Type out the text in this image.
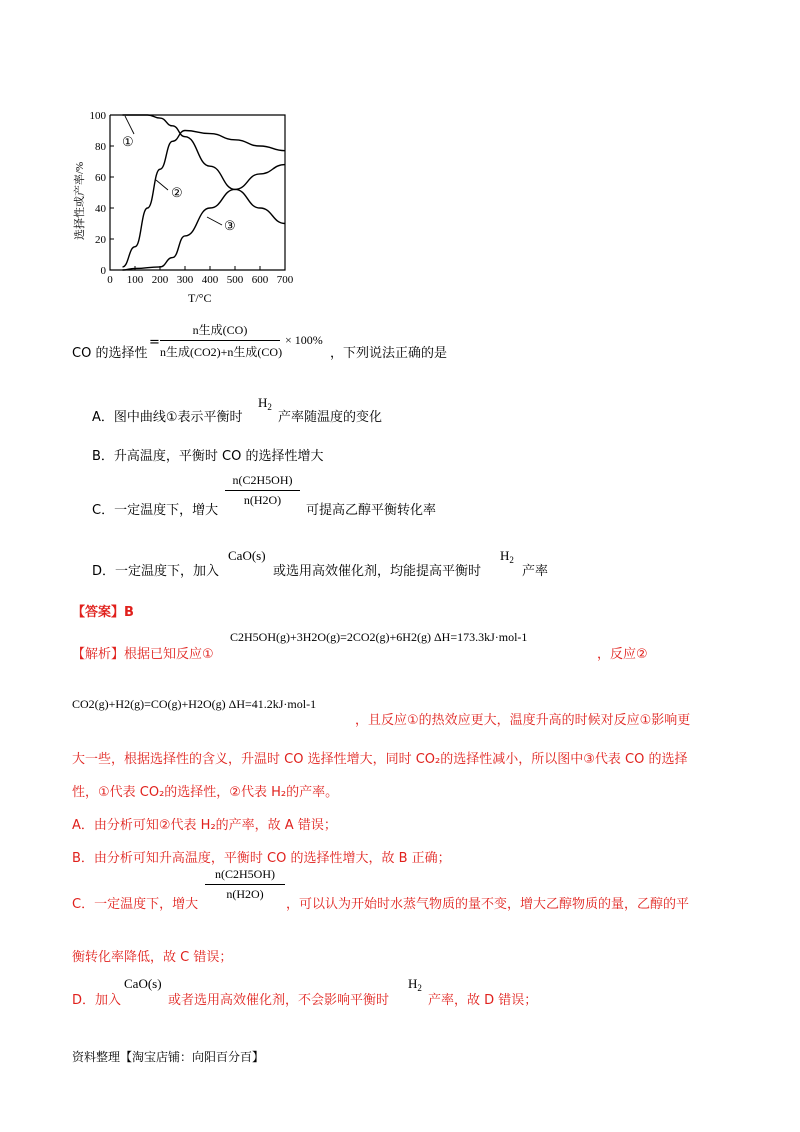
0
20
40
60
80
100
0 100 200 300 400 500 600 700
选择性或产率/%
T/°C
①
②
③
CO 的选择性
=
n生成(CO)
n生成(CO2)+n生成(CO)
× 100%
，下列说法正确的是
A．图中曲线①表示平衡时
$H_2$
产率随温度的变化
B．升高温度，平衡时 CO 的选择性增大
C．一定温度下，增大
n(C2H5OH)
n(H2O)
可提高乙醇平衡转化率
D．一定温度下，加入
CaO(s)
或选用高效催化剂，均能提高平衡时
$H_2$
产率
【答案】B
【解析】根据已知反应①
C2H5OH(g)+3H2O(g)=2CO2(g)+6H2(g) ΔH=173.3kJ·mol-1
，反应②
CO2(g)+H2(g)=CO(g)+H2O(g) ΔH=41.2kJ·mol-1
，且反应①的热效应更大，温度升高的时候对反应①影响更
大一些，根据选择性的含义，升温时 CO 选择性增大，同时 CO₂的选择性减小，所以图中③代表 CO 的选择
性，①代表 CO₂的选择性，②代表 H₂的产率。
A．由分析可知②代表 H₂的产率，故 A 错误；
B．由分析可知升高温度，平衡时 CO 的选择性增大，故 B 正确；
C．一定温度下，增大
n(C2H5OH)
n(H2O)
，可以认为开始时水蒸气物质的量不变，增大乙醇物质的量，乙醇的平
衡转化率降低，故 C 错误；
D．加入
CaO(s)
或者选用高效催化剂，不会影响平衡时
$H_2$
产率，故 D 错误；
资料整理【淘宝店铺：向阳百分百】
